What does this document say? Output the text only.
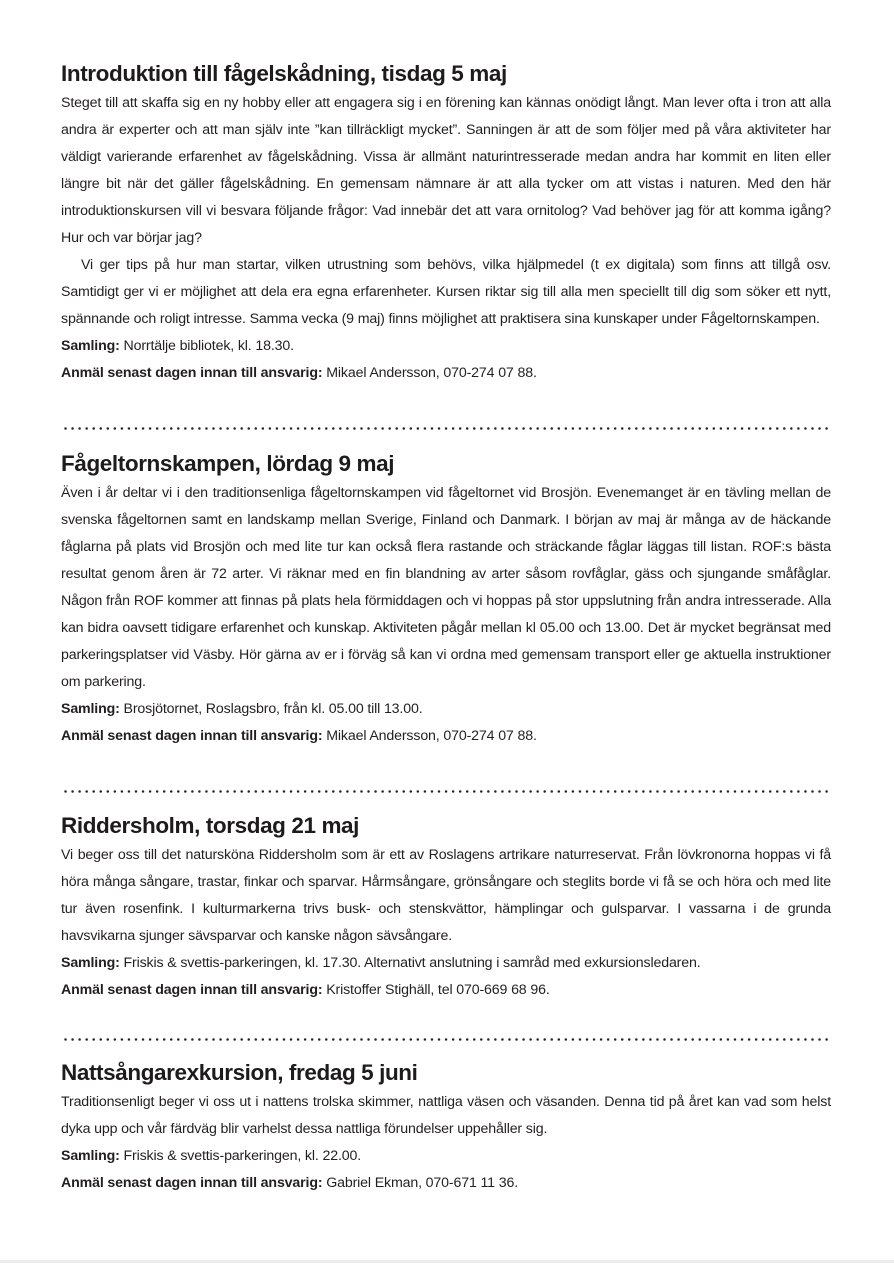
Introduktion till fågelskådning, tisdag 5 maj

Steget till att skaffa sig en ny hobby eller att engagera sig i en förening kan kännas onödigt långt. Man lever ofta i tron att alla andra är experter och att man själv inte ”kan tillräckligt mycket”. Sanningen är att de som följer med på våra aktiviteter har väldigt varierande erfarenhet av fågelskådning. Vissa är allmänt naturintresserade medan andra har kommit en liten eller längre bit när det gäller fågelskådning. En gemensam nämnare är att alla tycker om att vistas i naturen. Med den här introduktionskursen vill vi besvara följande frågor: Vad innebär det att vara ornitolog? Vad behöver jag för att komma igång? Hur och var börjar jag?

Vi ger tips på hur man startar, vilken utrustning som behövs, vilka hjälpmedel (t ex digitala) som finns att tillgå osv. Samtidigt ger vi er möjlighet att dela era egna erfarenheter. Kursen riktar sig till alla men speciellt till dig som söker ett nytt, spännande och roligt intresse. Samma vecka (9 maj) finns möjlighet att praktisera sina kunskaper under Fågeltornskampen.

Samling: Norrtälje bibliotek, kl. 18.30.

Anmäl senast dagen innan till ansvarig: Mikael Andersson, 070-274 07 88.

Fågeltornskampen, lördag 9 maj

Även i år deltar vi i den traditionsenliga fågeltornskampen vid fågeltornet vid Brosjön. Evenemanget är en tävling mellan de svenska fågeltornen samt en landskamp mellan Sverige, Finland och Danmark. I början av maj är många av de häckande fåglarna på plats vid Brosjön och med lite tur kan också flera rastande och sträckande fåglar läggas till listan. ROF:s bästa resultat genom åren är 72 arter. Vi räknar med en fin blandning av arter såsom rovfåglar, gäss och sjungande småfåglar. Någon från ROF kommer att finnas på plats hela förmiddagen och vi hoppas på stor uppslutning från andra intresserade. Alla kan bidra oavsett tidigare erfarenhet och kunskap. Aktiviteten pågår mellan kl 05.00 och 13.00. Det är mycket begränsat med parkeringsplatser vid Väsby. Hör gärna av er i förväg så kan vi ordna med gemensam transport eller ge aktuella instruktioner om parkering.

Samling: Brosjötornet, Roslagsbro, från kl. 05.00 till 13.00.

Anmäl senast dagen innan till ansvarig: Mikael Andersson, 070-274 07 88.

Riddersholm, torsdag 21 maj

Vi beger oss till det natursköna Riddersholm som är ett av Roslagens artrikare naturreservat. Från lövkronorna hoppas vi få höra många sångare, trastar, finkar och sparvar. Hårmsångare, grönsångare och steglits borde vi få se och höra och med lite tur även rosenfink. I kulturmarkerna trivs busk- och stenskvättor, hämplingar och gulsparvar. I vassarna i de grunda havsvikarna sjunger sävsparvar och kanske någon sävsångare.

Samling: Friskis & svettis-parkeringen, kl. 17.30. Alternativt anslutning i samråd med exkursionsledaren.

Anmäl senast dagen innan till ansvarig: Kristoffer Stighäll, tel 070-669 68 96.

Nattsångarexkursion, fredag 5 juni

Traditionsenligt beger vi oss ut i nattens trolska skimmer, nattliga väsen och väsanden. Denna tid på året kan vad som helst dyka upp och vår färdväg blir varhelst dessa nattliga förundelser uppehåller sig.

Samling: Friskis & svettis-parkeringen, kl. 22.00.

Anmäl senast dagen innan till ansvarig: Gabriel Ekman, 070-671 11 36.
